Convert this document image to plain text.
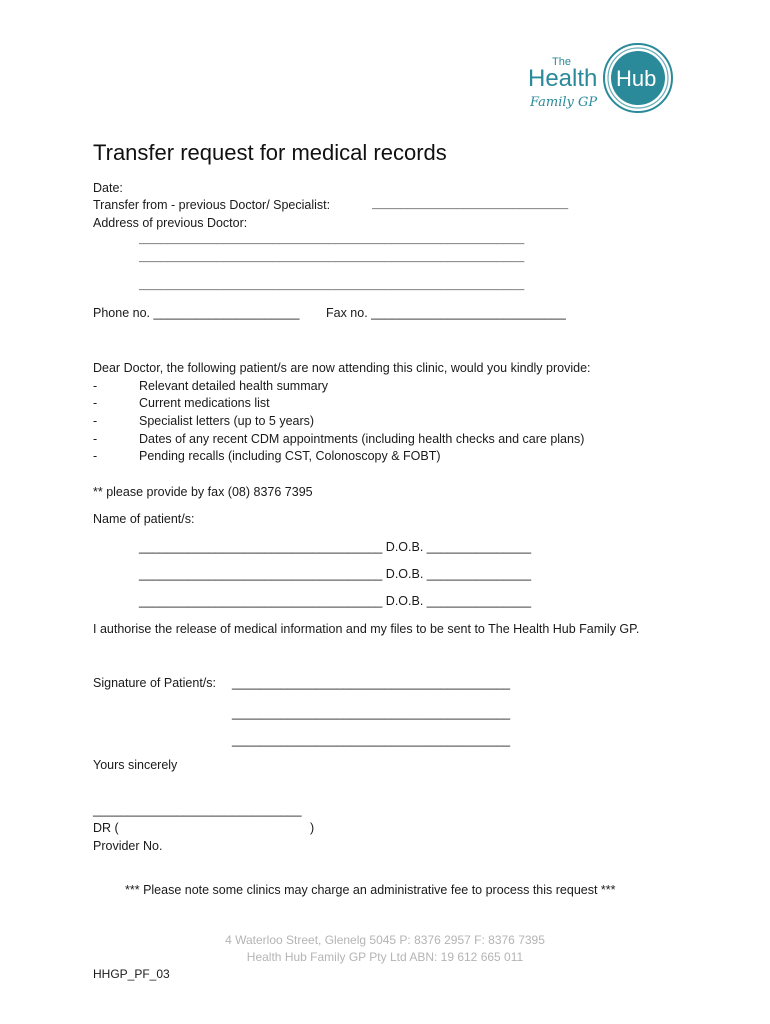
The
Health Hub
Family GP
Transfer request for medical records
Date:
Transfer from - previous Doctor/ Specialist:	____________________________
Address of previous Doctor:
_______________________________________________________
_______________________________________________________
_______________________________________________________
Phone no. _____________________ Fax no. ____________________________
Dear Doctor, the following patient/s are now attending this clinic, would you kindly provide:
-	Relevant detailed health summary
-	Current medications list
-	Specialist letters (up to 5 years)
-	Dates of any recent CDM appointments (including health checks and care plans)
-	Pending recalls (including CST, Colonoscopy & FOBT)
** please provide by fax (08) 8376 7395
Name of patient/s:
___________________________________ D.O.B. _______________
___________________________________ D.O.B. _______________
___________________________________ D.O.B. _______________
I authorise the release of medical information and my files to be sent to The Health Hub Family GP.
Signature of Patient/s: ________________________________________
________________________________________
________________________________________
Yours sincerely
______________________________
DR (	)
Provider No.
*** Please note some clinics may charge an administrative fee to process this request ***
4 Waterloo Street, Glenelg 5045 P: 8376 2957 F: 8376 7395
Health Hub Family GP Pty Ltd ABN: 19 612 665 011
HHGP_PF_03
